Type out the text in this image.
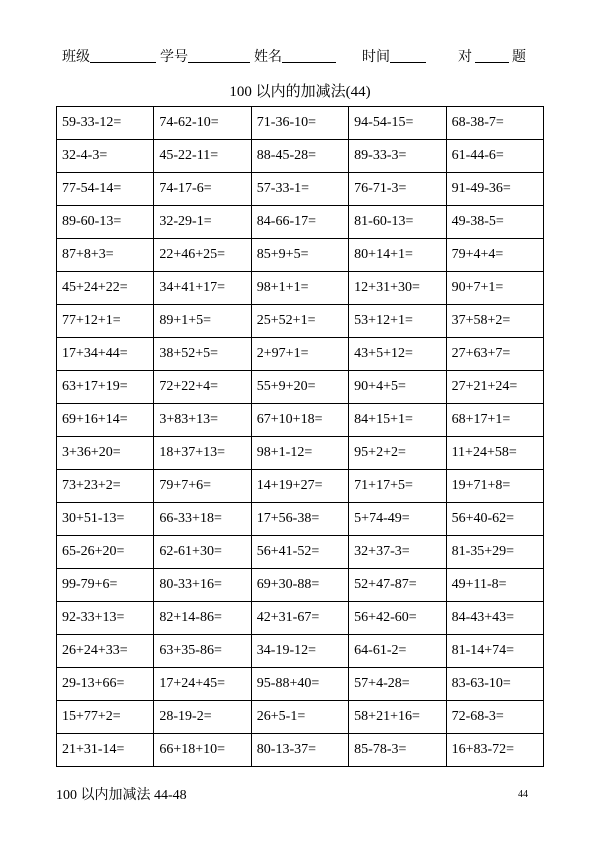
班级	学号	姓名	时间	对	题
100 以内的加减法(44)
59-33-12=	74-62-10=	71-36-10=	94-54-15=	68-38-7=
32-4-3=	45-22-11=	88-45-28=	89-33-3=	61-44-6=
77-54-14=	74-17-6=	57-33-1=	76-71-3=	91-49-36=
89-60-13=	32-29-1=	84-66-17=	81-60-13=	49-38-5=
87+8+3=	22+46+25=	85+9+5=	80+14+1=	79+4+4=
45+24+22=	34+41+17=	98+1+1=	12+31+30=	90+7+1=
77+12+1=	89+1+5=	25+52+1=	53+12+1=	37+58+2=
17+34+44=	38+52+5=	2+97+1=	43+5+12=	27+63+7=
63+17+19=	72+22+4=	55+9+20=	90+4+5=	27+21+24=
69+16+14=	3+83+13=	67+10+18=	84+15+1=	68+17+1=
3+36+20=	18+37+13=	98+1-12=	95+2+2=	11+24+58=
73+23+2=	79+7+6=	14+19+27=	71+17+5=	19+71+8=
30+51-13=	66-33+18=	17+56-38=	5+74-49=	56+40-62=
65-26+20=	62-61+30=	56+41-52=	32+37-3=	81-35+29=
99-79+6=	80-33+16=	69+30-88=	52+47-87=	49+11-8=
92-33+13=	82+14-86=	42+31-67=	56+42-60=	84-43+43=
26+24+33=	63+35-86=	34-19-12=	64-61-2=	81-14+74=
29-13+66=	17+24+45=	95-88+40=	57+4-28=	83-63-10=
15+77+2=	28-19-2=	26+5-1=	58+21+16=	72-68-3=
21+31-14=	66+18+10=	80-13-37=	85-78-3=	16+83-72=
100 以内加减法 44-48	44
